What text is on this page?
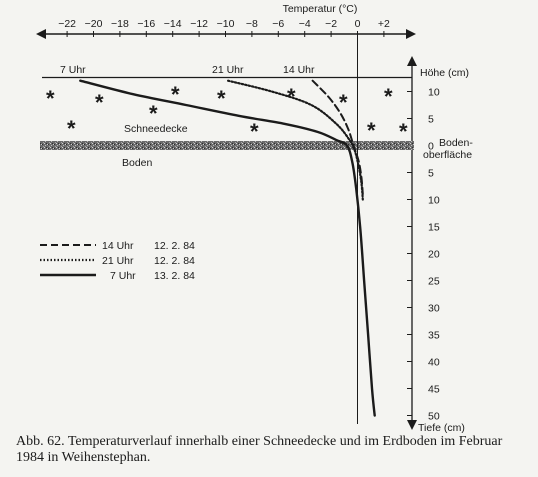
Temperatur (°C)
−22 −20 −18 −16 −14 −12 −10 −8 −6 −4 −2 0 +2
Höhe (cm)
Tiefe (cm)
10
5
0
5
10
15
20
25
30
35
40
45
50
Boden-
oberfläche
* *	* *	* * *
*
*
*	* *
Schneedecke
Boden
7 Uhr	21 Uhr	14 Uhr
14 Uhr 12. 2. 84
21 Uhr 12. 2. 84
7 Uhr 13. 2. 84
Abb. 62. Temperaturverlauf innerhalb einer Schneedecke und im Erdboden im Februar 1984 in Weihenstephan.
